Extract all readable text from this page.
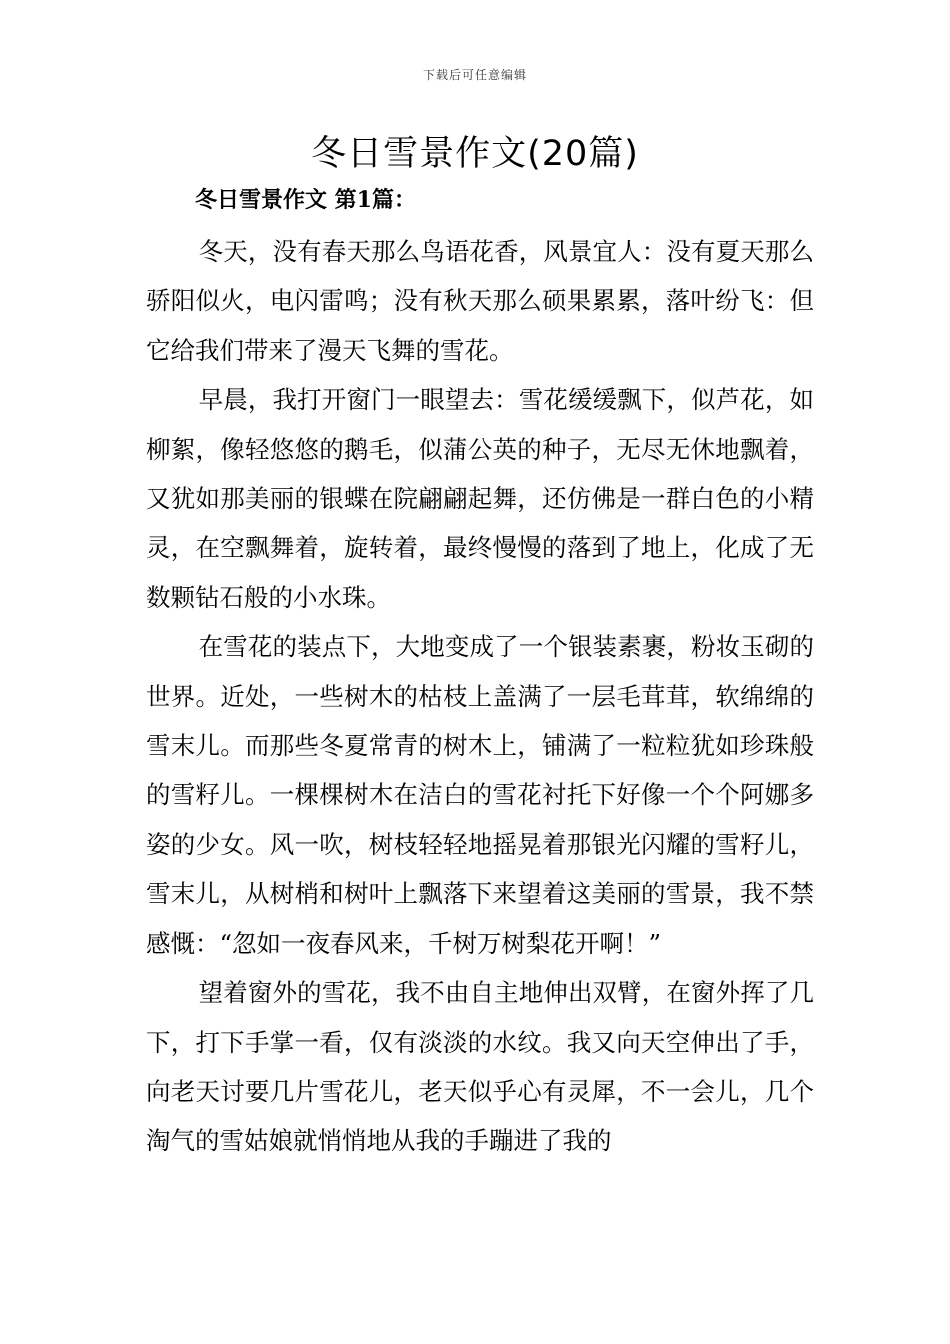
下载后可任意编辑
冬日雪景作文(20篇)
冬日雪景作文 第1篇：

冬天，没有春天那么鸟语花香，风景宜人：没有夏天那么骄阳似火，电闪雷鸣；没有秋天那么硕果累累，落叶纷飞：但它给我们带来了漫天飞舞的雪花。

早晨，我打开窗门一眼望去：雪花缓缓飘下，似芦花，如柳絮，像轻悠悠的鹅毛，似蒲公英的种子，无尽无休地飘着，又犹如那美丽的银蝶在院翩翩起舞，还仿佛是一群白色的小精灵，在空飘舞着，旋转着，最终慢慢的落到了地上，化成了无数颗钻石般的小水珠。

在雪花的装点下，大地变成了一个银装素裹，粉妆玉砌的世界。近处，一些树木的枯枝上盖满了一层毛茸茸，软绵绵的雪末儿。而那些冬夏常青的树木上，铺满了一粒粒犹如珍珠般的雪籽儿。一棵棵树木在洁白的雪花衬托下好像一个个阿娜多姿的少女。风一吹，树枝轻轻地摇晃着那银光闪耀的雪籽儿，雪末儿，从树梢和树叶上飘落下来望着这美丽的雪景，我不禁感慨：“忽如一夜春风来，千树万树梨花开啊！”

望着窗外的雪花，我不由自主地伸出双臂，在窗外挥了几下，打下手掌一看，仅有淡淡的水纹。我又向天空伸出了手，向老天讨要几片雪花儿，老天似乎心有灵犀，不一会儿，几个淘气的雪姑娘就悄悄地从我的手蹦进了我的
